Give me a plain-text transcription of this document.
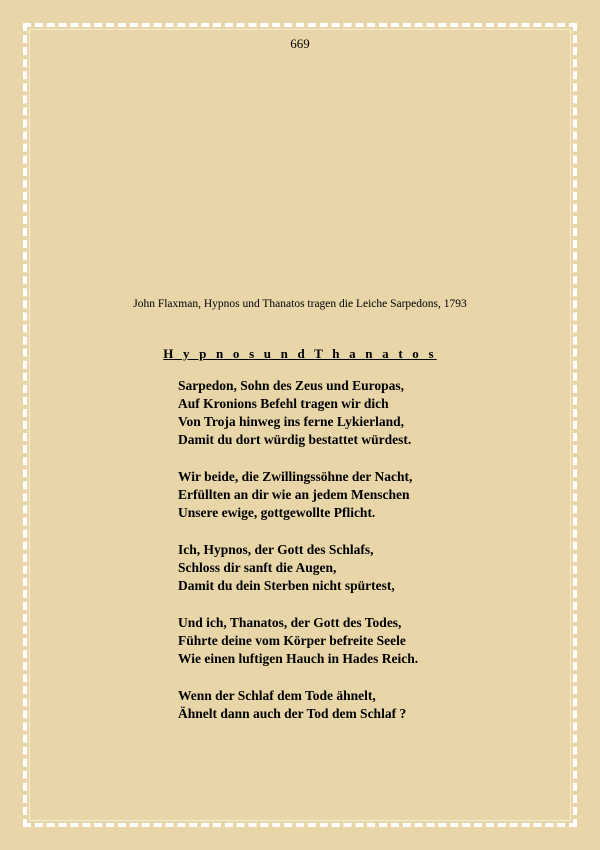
669
John Flaxman, Hypnos und Thanatos tragen die Leiche Sarpedons, 1793
H y p n o s u n d T h a n a t o s
Sarpedon, Sohn des Zeus und Europas,
Auf Kronions Befehl tragen wir dich
Von Troja hinweg ins ferne Lykierland,
Damit du dort würdig bestattet würdest.
Wir beide, die Zwillingssöhne der Nacht,
Erfüllten an dir wie an jedem Menschen
Unsere ewige, gottgewollte Pflicht.
Ich, Hypnos, der Gott des Schlafs,
Schloss dir sanft die Augen,
Damit du dein Sterben nicht spürtest,
Und ich, Thanatos, der Gott des Todes,
Führte deine vom Körper befreite Seele
Wie einen luftigen Hauch in Hades Reich.
Wenn der Schlaf dem Tode ähnelt,
Ähnelt dann auch der Tod dem Schlaf ?
